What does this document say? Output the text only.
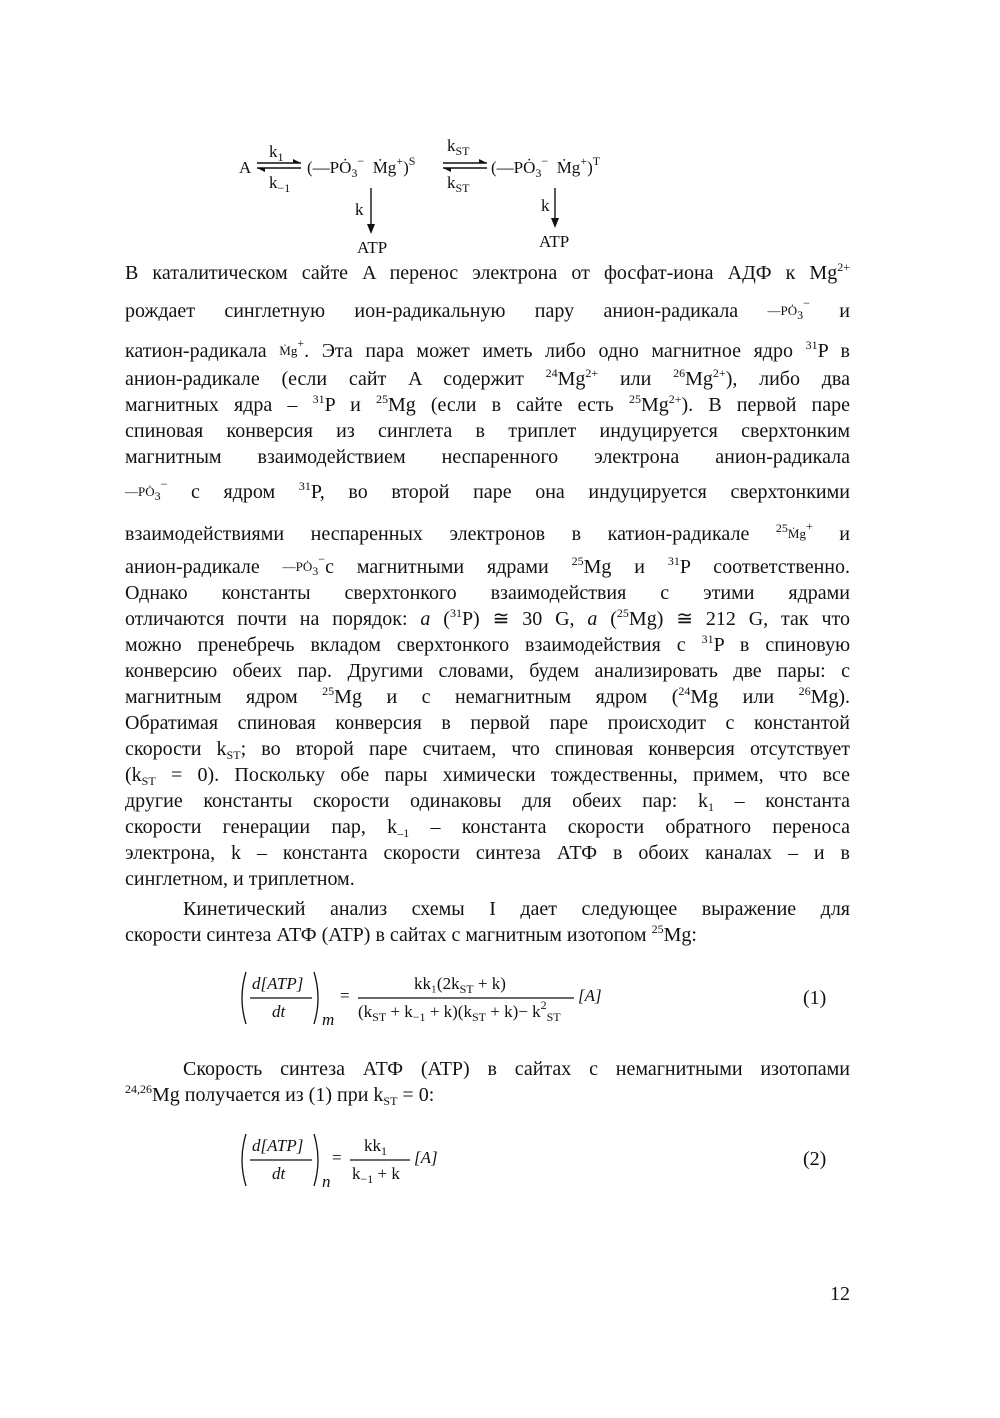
A
$k_1$
$k_{-1}$
($—PȮ_3^-$ Ṁg+)$^S$
$k_{ST}$
$k_{ST}$
($—PȮ_3^-$ Ṁg+)$^T$
k	k
ATP	ATP
В каталитическом сайте A перенос электрона от фосфат-иона АДФ к $Mg^{2+}$
рождает синглетную ион-радикальную пару анион-радикала $—PȮ_3^-$ и
катион-радикала Ṁg+. Эта пара может иметь либо одно магнитное ядро $^{31}$P в
анион-радикале (если сайт A содержит $^{24}Mg^{2+}$ или $^{26}Mg^{2+}$), либо два
магнитных ядра – $^{31}$P и $^{25}$Mg (если в сайте есть $^{25}Mg^{2+}$). В первой паре
спиновая конверсия из синглета в триплет индуцируется сверхтонким
магнитным взаимодействием неспаренного электрона анион-радикала
$—PȮ_3^-$ с ядром $^{31}$P, во второй паре она индуцируется сверхтонкими
взаимодействиями неспаренных электронов в катион-радикале $^{25}$Ṁg+ и
анион-радикале $—PȮ_3^-с$ магнитными ядрами $^{25}$Mg и $^{31}$P соответственно.
Однако константы сверхтонкого взаимодействия с этими ядрами
отличаются почти на порядок: a ($^{31}$P) ≅ 30 G, a ($^{25}$Mg) ≅ 212 G, так что
можно пренебречь вкладом сверхтонкого взаимодействия с $^{31}$P в спиновую
конверсию обеих пар. Другими словами, будем анализировать две пары: с
магнитным ядром $^{25}$Mg и с немагнитным ядром ($^{24}$Mg или $^{26}$Mg).
Обратимая спиновая конверсия в первой паре происходит с константой
скорости $k_{ST}$; во второй паре считаем, что спиновая конверсия отсутствует
$(k_{ST} = 0)$. Поскольку обе пары химически тождественны, примем, что все
другие константы скорости одинаковы для обеих пар: $k_1$ – константа
скорости генерации пар, $k_{-1}$ – константа скорости обратного переноса
электрона, k – константа скорости синтеза АТФ в обоих каналах – и в
синглетном, и триплетном.
Кинетический анализ схемы I дает следующее выражение для
скорости синтеза АТФ (ATP) в сайтах с магнитным изотопом $^{25}$Mg:
d[ATP]
dt m
=
$kk_1(2k_{ST} + k)$
$(k_{ST} + k_{-1} + k)(k_{ST} + k)- k^2_{ST}$
[A]	(1)
Скорость синтеза АТФ (ATP) в сайтах с немагнитными изотопами
$^{24,26}$Mg получается из (1) при $k_{ST} = 0$:
d[ATP]
dt n
=
$kk_1$
$k_{-1} + k$
[A]	(2)
12
